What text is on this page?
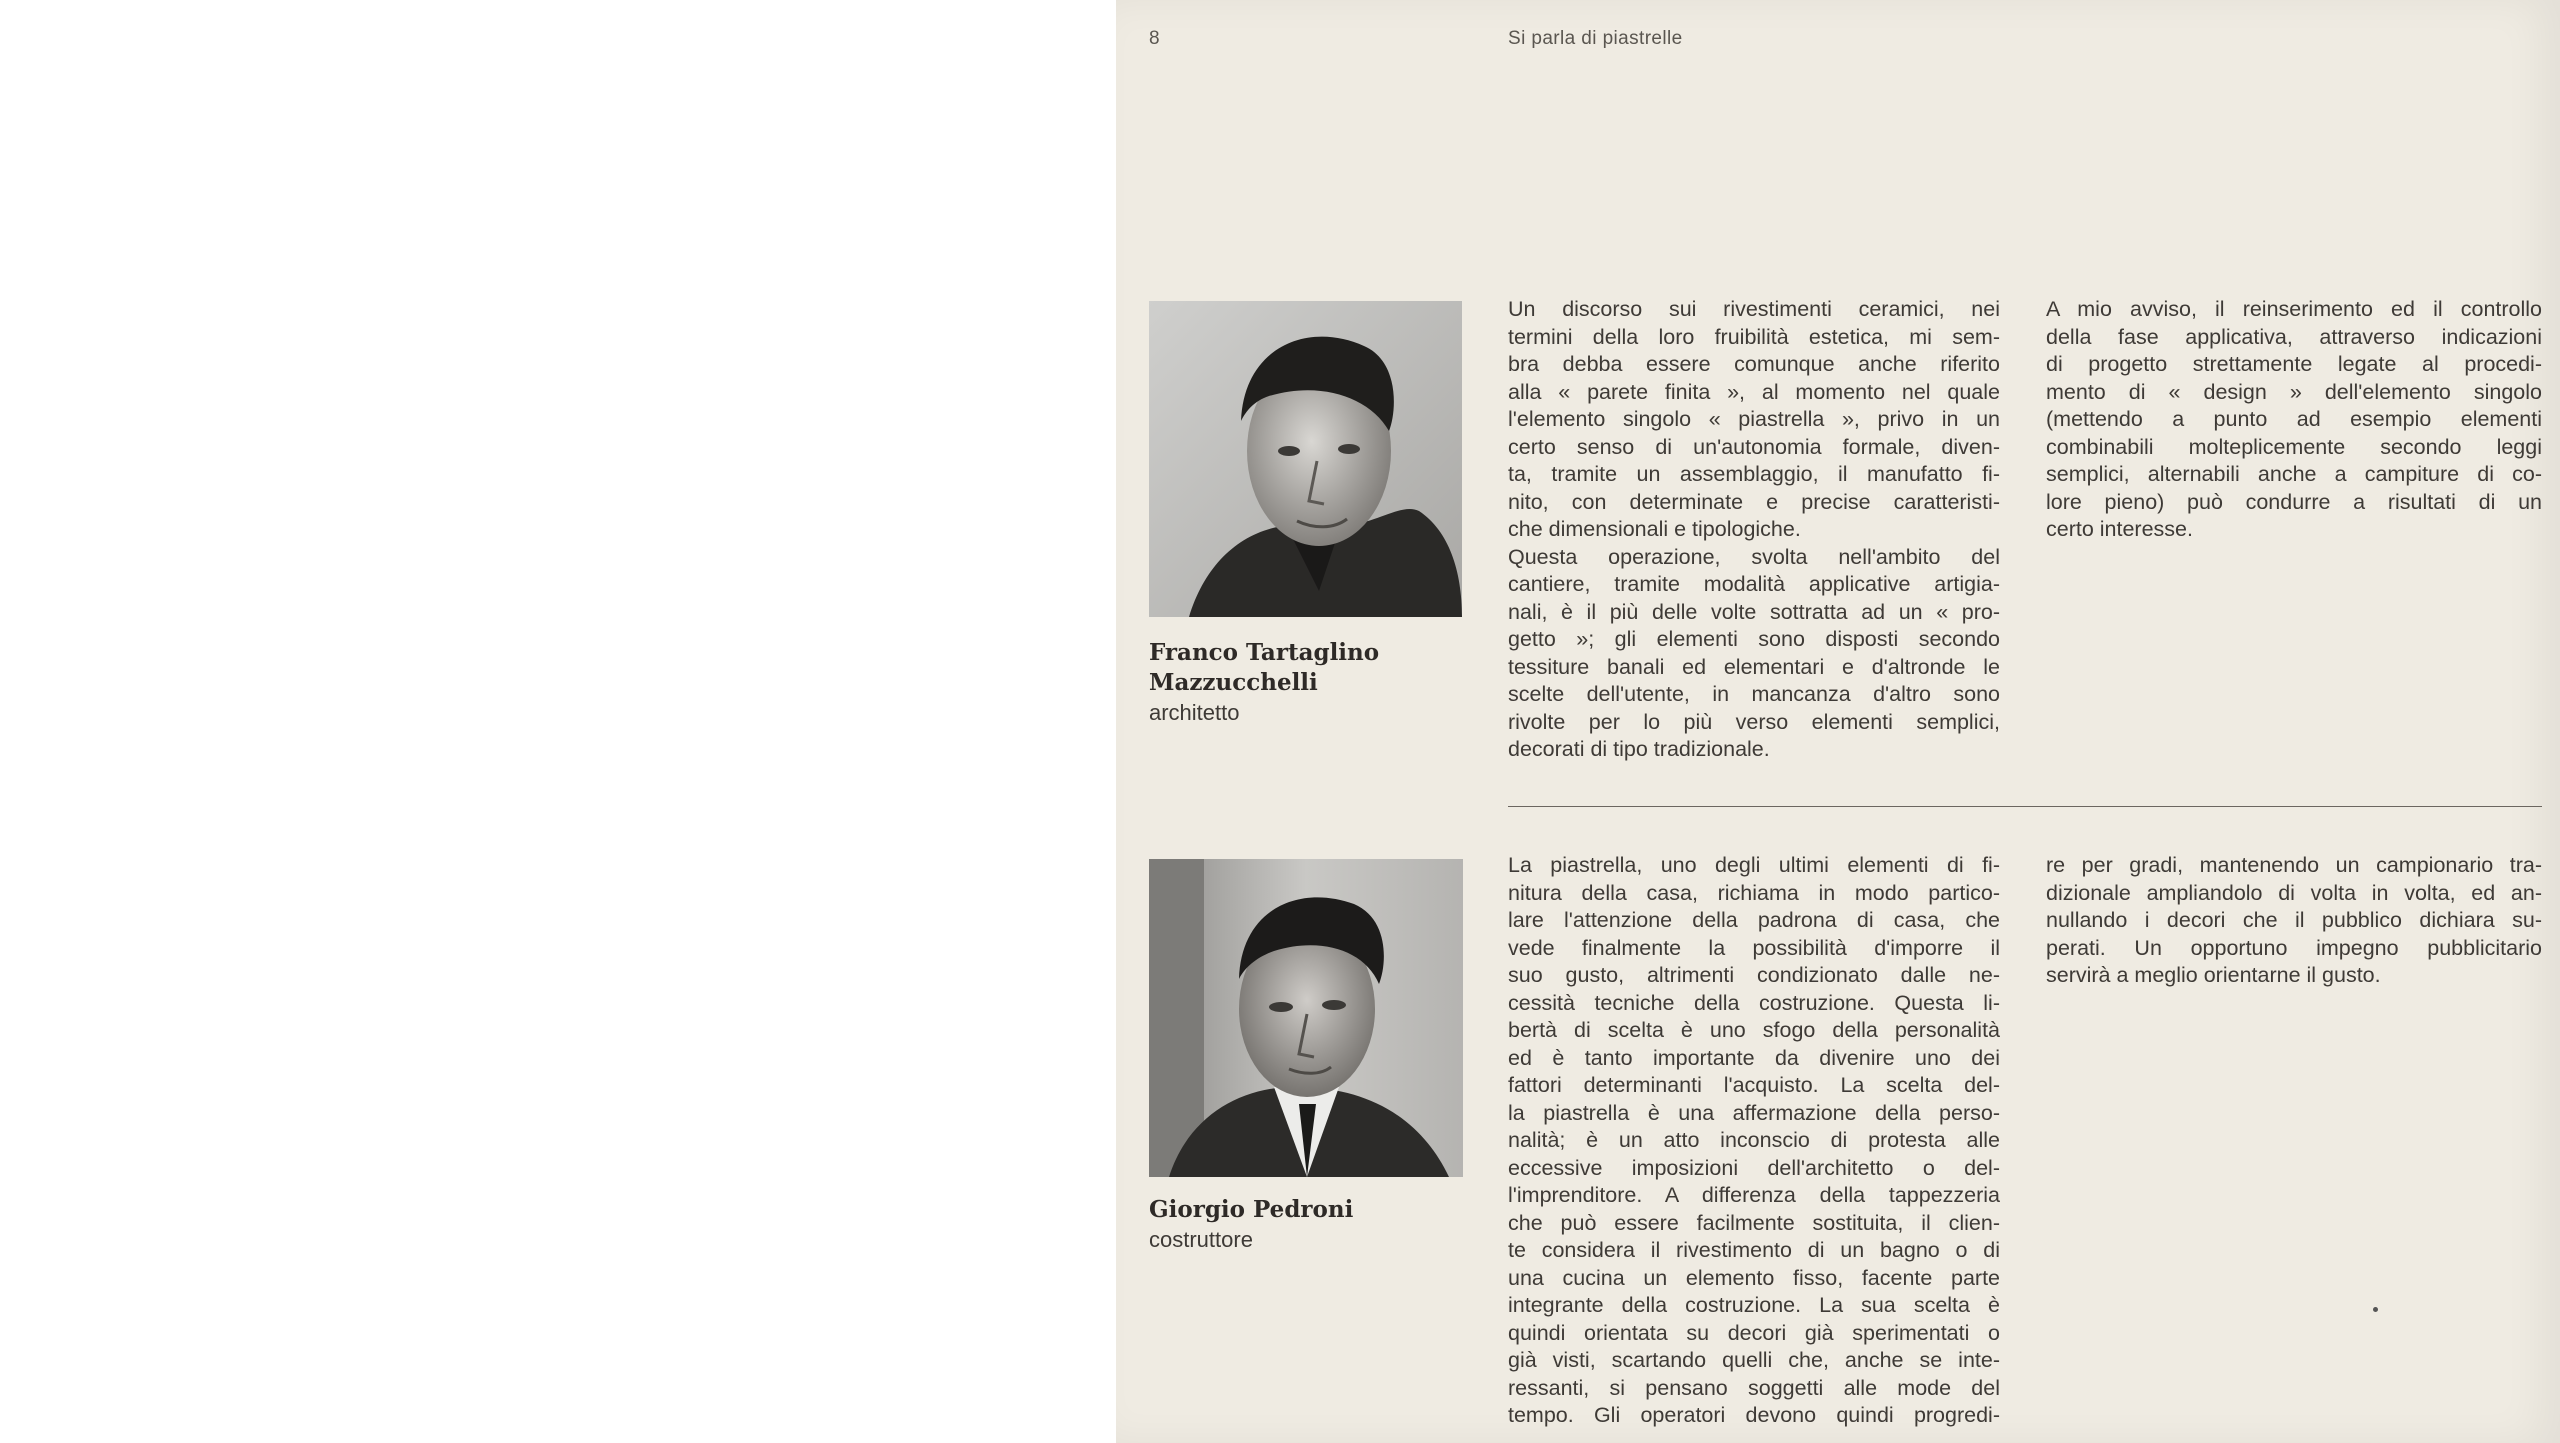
8	Si parla di piastrelle
Franco Tartaglino
Mazzucchelli
architetto
Un discorso sui rivestimenti ceramici, nei
termini della loro fruibilità estetica, mi sem-
bra debba essere comunque anche riferito
alla « parete finita », al momento nel quale
l'elemento singolo « piastrella », privo in un
certo senso di un'autonomia formale, diven-
ta, tramite un assemblaggio, il manufatto fi-
nito, con determinate e precise caratteristi-
che dimensionali e tipologiche.
Questa operazione, svolta nell'ambito del
cantiere, tramite modalità applicative artigia-
nali, è il più delle volte sottratta ad un « pro-
getto »; gli elementi sono disposti secondo
tessiture banali ed elementari e d'altronde le
scelte dell'utente, in mancanza d'altro sono
rivolte per lo più verso elementi semplici,
decorati di tipo tradizionale.
A mio avviso, il reinserimento ed il controllo
della fase applicativa, attraverso indicazioni
di progetto strettamente legate al procedi-
mento di « design » dell'elemento singolo
(mettendo a punto ad esempio elementi
combinabili molteplicemente secondo leggi
semplici, alternabili anche a campiture di co-
lore pieno) può condurre a risultati di un
certo interesse.
Giorgio Pedroni
costruttore
La piastrella, uno degli ultimi elementi di fi-
nitura della casa, richiama in modo partico-
lare l'attenzione della padrona di casa, che
vede finalmente la possibilità d'imporre il
suo gusto, altrimenti condizionato dalle ne-
cessità tecniche della costruzione. Questa li-
bertà di scelta è uno sfogo della personalità
ed è tanto importante da divenire uno dei
fattori determinanti l'acquisto. La scelta del-
la piastrella è una affermazione della perso-
nalità; è un atto inconscio di protesta alle
eccessive imposizioni dell'architetto o del-
l'imprenditore. A differenza della tappezzeria
che può essere facilmente sostituita, il clien-
te considera il rivestimento di un bagno o di
una cucina un elemento fisso, facente parte
integrante della costruzione. La sua scelta è
quindi orientata su decori già sperimentati o
già visti, scartando quelli che, anche se inte-
ressanti, si pensano soggetti alle mode del
tempo. Gli operatori devono quindi progredi-
re per gradi, mantenendo un campionario tra-
dizionale ampliandolo di volta in volta, ed an-
nullando i decori che il pubblico dichiara su-
perati. Un opportuno impegno pubblicitario
servirà a meglio orientarne il gusto.
